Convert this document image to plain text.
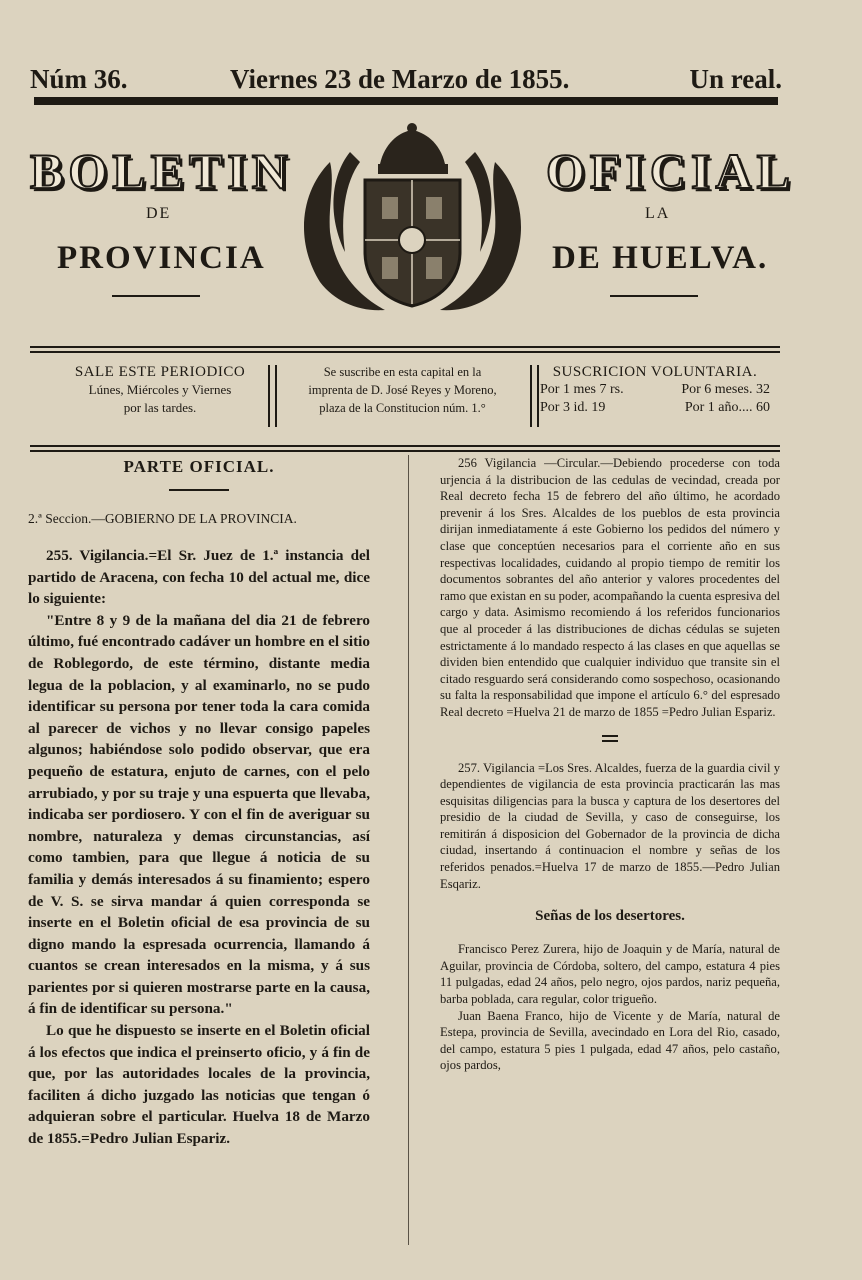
Núm 36.	Viernes 23 de Marzo de 1855.	Un real.
BOLETIN	OFICIAL
DE	LA
PROVINCIA	DE HUELVA.
SALE ESTE PERIODICO
Lúnes, Miércoles y Viernes
por las tardes.
Se suscribe en esta capital en la
imprenta de D. José Reyes y Moreno,
plaza de la Constitucion núm. 1.°
SUSCRICION VOLUNTARIA.
Por 1 mes 7 rs.	Por 6 meses. 32
Por 3 id. 19	Por 1 año.... 60
PARTE OFICIAL.
2.ª Seccion.—GOBIERNO DE LA PROVINCIA.

255. Vigilancia.=El Sr. Juez de 1.ª instancia del partido de Aracena, con fecha 10 del actual me, dice lo siguiente:

"Entre 8 y 9 de la mañana del dia 21 de febrero último, fué encontrado cadáver un hombre en el sitio de Roblegordo, de este término, distante media legua de la poblacion, y al examinarlo, no se pudo identificar su persona por tener toda la cara comida al parecer de vichos y no llevar consigo papeles algunos; habiéndose solo podido observar, que era pequeño de estatura, enjuto de carnes, con el pelo arrubiado, y por su traje y una espuerta que llevaba, indicaba ser pordiosero. Y con el fin de averiguar su nombre, naturaleza y demas circunstancias, así como tambien, para que llegue á noticia de su familia y demás interesados á su finamiento; espero de V. S. se sirva mandar á quien corresponda se inserte en el Boletin oficial de esa provincia de su digno mando la espresada ocurrencia, llamando á cuantos se crean interesados en la misma, y á sus parientes por si quieren mostrarse parte en la causa, á fin de identificar su persona."

Lo que he dispuesto se inserte en el Boletin oficial á los efectos que indica el preinserto oficio, y á fin de que, por las autoridades locales de la provincia, faciliten á dicho juzgado las noticias que tengan ó adquieran sobre el particular. Huelva 18 de Marzo de 1855.=Pedro Julian Espariz.

256 Vigilancia —Circular.—Debiendo procederse con toda urjencia á la distribucion de las cedulas de vecindad, creada por Real decreto fecha 15 de febrero del año último, he acordado prevenir á los Sres. Alcaldes de los pueblos de esta provincia dirijan inmediatamente á este Gobierno los pedidos del número y clase que conceptúen necesarios para el corriente año en sus respectivas localidades, cuidando al propio tiempo de remitir los documentos sobrantes del año anterior y valores procedentes del ramo que existan en su poder, acompañando la cuenta espresiva del cargo y data. Asimismo recomiendo á los referidos funcionarios que al proceder á las distribuciones de dichas cédulas se sujeten estrictamente á lo mandado respecto á las clases en que aquellas se dividen bien entendido que cualquier individuo que transite sin el citado resguardo será considerando como sospechoso, ocasionando su falta la responsabilidad que impone el artículo 6.° del espresado Real decreto =Huelva 21 de marzo de 1855 =Pedro Julian Espariz.

257. Vigilancia =Los Sres. Alcaldes, fuerza de la guardia civil y dependientes de vigilancia de esta provincia practicarán las mas esquisitas diligencias para la busca y captura de los desertores del presidio de la ciudad de Sevilla, y caso de conseguirse, los remitirán á disposicion del Gobernador de la provincia de dicha ciudad, insertando á continuacion el nombre y señas de los referidos penados.=Huelva 17 de marzo de 1855.—Pedro Julian Esqariz.

Señas de los desertores.

Francisco Perez Zurera, hijo de Joaquin y de María, natural de Aguilar, provincia de Córdoba, soltero, del campo, estatura 4 pies 11 pulgadas, edad 24 años, pelo negro, ojos pardos, nariz pequeña, barba poblada, cara regular, color trigueño.

Juan Baena Franco, hijo de Vicente y de María, natural de Estepa, provincia de Sevilla, avecindado en Lora del Rio, casado, del campo, estatura 5 pies 1 pulgada, edad 47 años, pelo castaño, ojos pardos,
